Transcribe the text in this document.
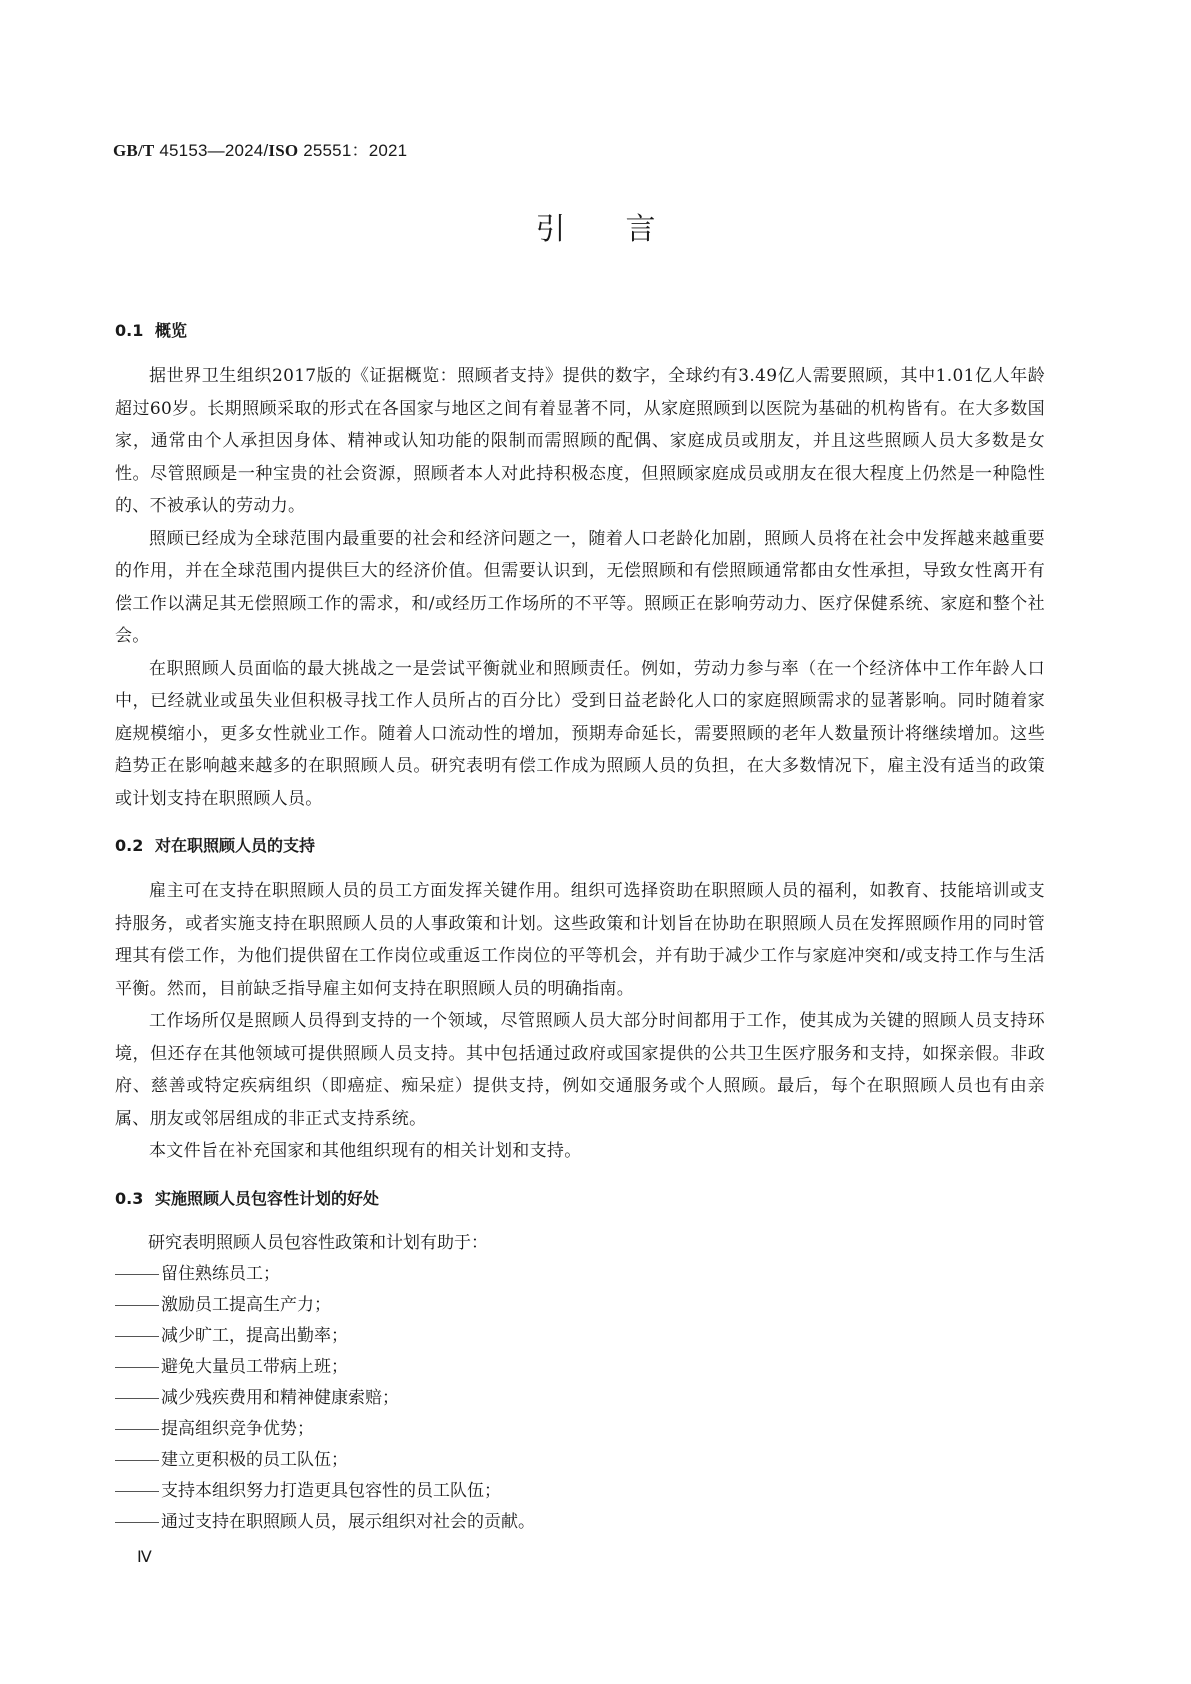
GB/T 45153—2024/ISO 25551：2021
引言
0.1 概览

据世界卫生组织2017版的《证据概览：照顾者支持》提供的数字，全球约有3.49亿人需要照顾，其中1.01亿人年龄超过60岁。长期照顾采取的形式在各国家与地区之间有着显著不同，从家庭照顾到以医院为基础的机构皆有。在大多数国家，通常由个人承担因身体、精神或认知功能的限制而需照顾的配偶、家庭成员或朋友，并且这些照顾人员大多数是女性。尽管照顾是一种宝贵的社会资源，照顾者本人对此持积极态度，但照顾家庭成员或朋友在很大程度上仍然是一种隐性的、不被承认的劳动力。

照顾已经成为全球范围内最重要的社会和经济问题之一，随着人口老龄化加剧，照顾人员将在社会中发挥越来越重要的作用，并在全球范围内提供巨大的经济价值。但需要认识到，无偿照顾和有偿照顾通常都由女性承担，导致女性离开有偿工作以满足其无偿照顾工作的需求，和/或经历工作场所的不平等。照顾正在影响劳动力、医疗保健系统、家庭和整个社会。

在职照顾人员面临的最大挑战之一是尝试平衡就业和照顾责任。例如，劳动力参与率（在一个经济体中工作年龄人口中，已经就业或虽失业但积极寻找工作人员所占的百分比）受到日益老龄化人口的家庭照顾需求的显著影响。同时随着家庭规模缩小，更多女性就业工作。随着人口流动性的增加，预期寿命延长，需要照顾的老年人数量预计将继续增加。这些趋势正在影响越来越多的在职照顾人员。研究表明有偿工作成为照顾人员的负担，在大多数情况下，雇主没有适当的政策或计划支持在职照顾人员。

0.2 对在职照顾人员的支持

雇主可在支持在职照顾人员的员工方面发挥关键作用。组织可选择资助在职照顾人员的福利，如教育、技能培训或支持服务，或者实施支持在职照顾人员的人事政策和计划。这些政策和计划旨在协助在职照顾人员在发挥照顾作用的同时管理其有偿工作，为他们提供留在工作岗位或重返工作岗位的平等机会，并有助于减少工作与家庭冲突和/或支持工作与生活平衡。然而，目前缺乏指导雇主如何支持在职照顾人员的明确指南。

工作场所仅是照顾人员得到支持的一个领域，尽管照顾人员大部分时间都用于工作，使其成为关键的照顾人员支持环境，但还存在其他领域可提供照顾人员支持。其中包括通过政府或国家提供的公共卫生医疗服务和支持，如探亲假。非政府、慈善或特定疾病组织（即癌症、痴呆症）提供支持，例如交通服务或个人照顾。最后，每个在职照顾人员也有由亲属、朋友或邻居组成的非正式支持系统。

本文件旨在补充国家和其他组织现有的相关计划和支持。

0.3 实施照顾人员包容性计划的好处

研究表明照顾人员包容性政策和计划有助于：

留住熟练员工；
激励员工提高生产力；
减少旷工，提高出勤率；
避免大量员工带病上班；
减少残疾费用和精神健康索赔；
提高组织竞争优势；
建立更积极的员工队伍；
支持本组织努力打造更具包容性的员工队伍；
通过支持在职照顾人员，展示组织对社会的贡献。
Ⅳ
